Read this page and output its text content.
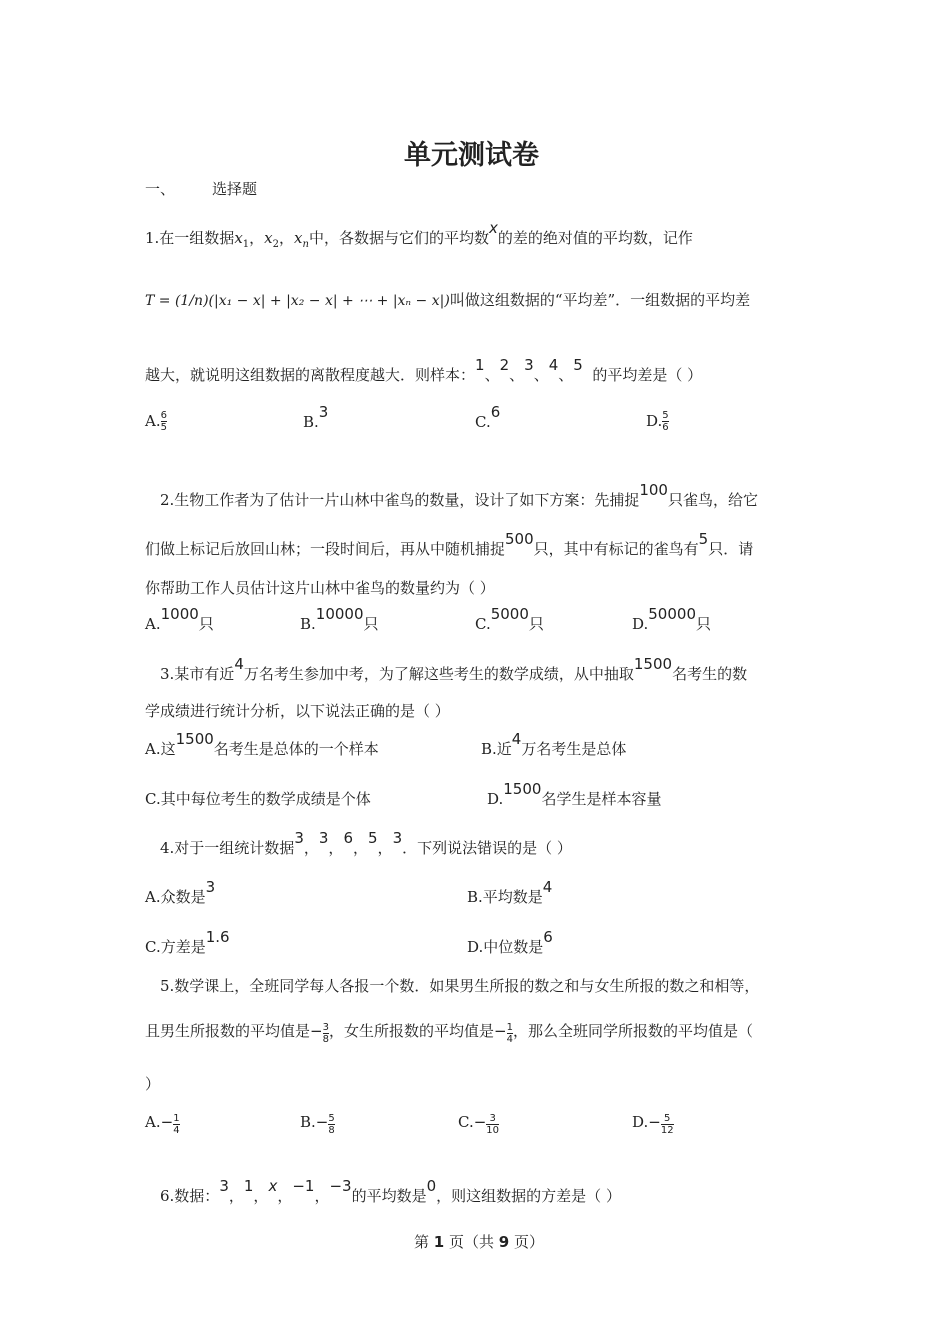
单元测试卷
一、 选择题
1.在一组数据$x_1$，$x_2$，$x_n$中，各数据与它们的平均数x的差的绝对值的平均数，记作
T = (1/n)(|x₁ − x| + |x₂ − x| + ⋯ + |xₙ − x|)叫做这组数据的“平均差”．一组数据的平均差
越大，就说明这组数据的离散程度越大．则样本：1、2、3、4、5  的平均差是（ ）
A. $\frac{6}{5}$	B.3
C.6	D. $\frac{5}{6}$
2.生物工作者为了估计一片山林中雀鸟的数量，设计了如下方案：先捕捉100只雀鸟，给它
们做上标记后放回山林；一段时间后，再从中随机捕捉500只，其中有标记的雀鸟有5只．请
你帮助工作人员估计这片山林中雀鸟的数量约为（ ）
A.1000只	B.10000只	C.5000只	D.50000只
3.某市有近4万名考生参加中考，为了解这些考生的数学成绩，从中抽取1500名考生的数
学成绩进行统计分析，以下说法正确的是（ ）
A.这1500名考生是总体的一个样本	B.近4万名考生是总体
C.其中每位考生的数学成绩是个体	D.1500名学生是样本容量
4.对于一组统计数据3，3，6，5，3．下列说法错误的是（ ）
A.众数是3
B.平均数是4
C.方差是1.6
D.中位数是6
5.数学课上，全班同学每人各报一个数．如果男生所报的数之和与女生所报的数之和相等，
且男生所报数的平均值是− $\frac{3}{8}$ ，女生所报数的平均值是− $\frac{1}{4}$ ，那么全班同学所报数的平均值是（
）
$A.- \frac{1}{4}$	$B.- \frac{5}{8}$	$C.- \frac{3}{10}$	$D.- \frac{5}{12}$
6.数据：3，1，x，−1，−3的平均数是0，则这组数据的方差是（ ）
第 1 页（共 9 页）
